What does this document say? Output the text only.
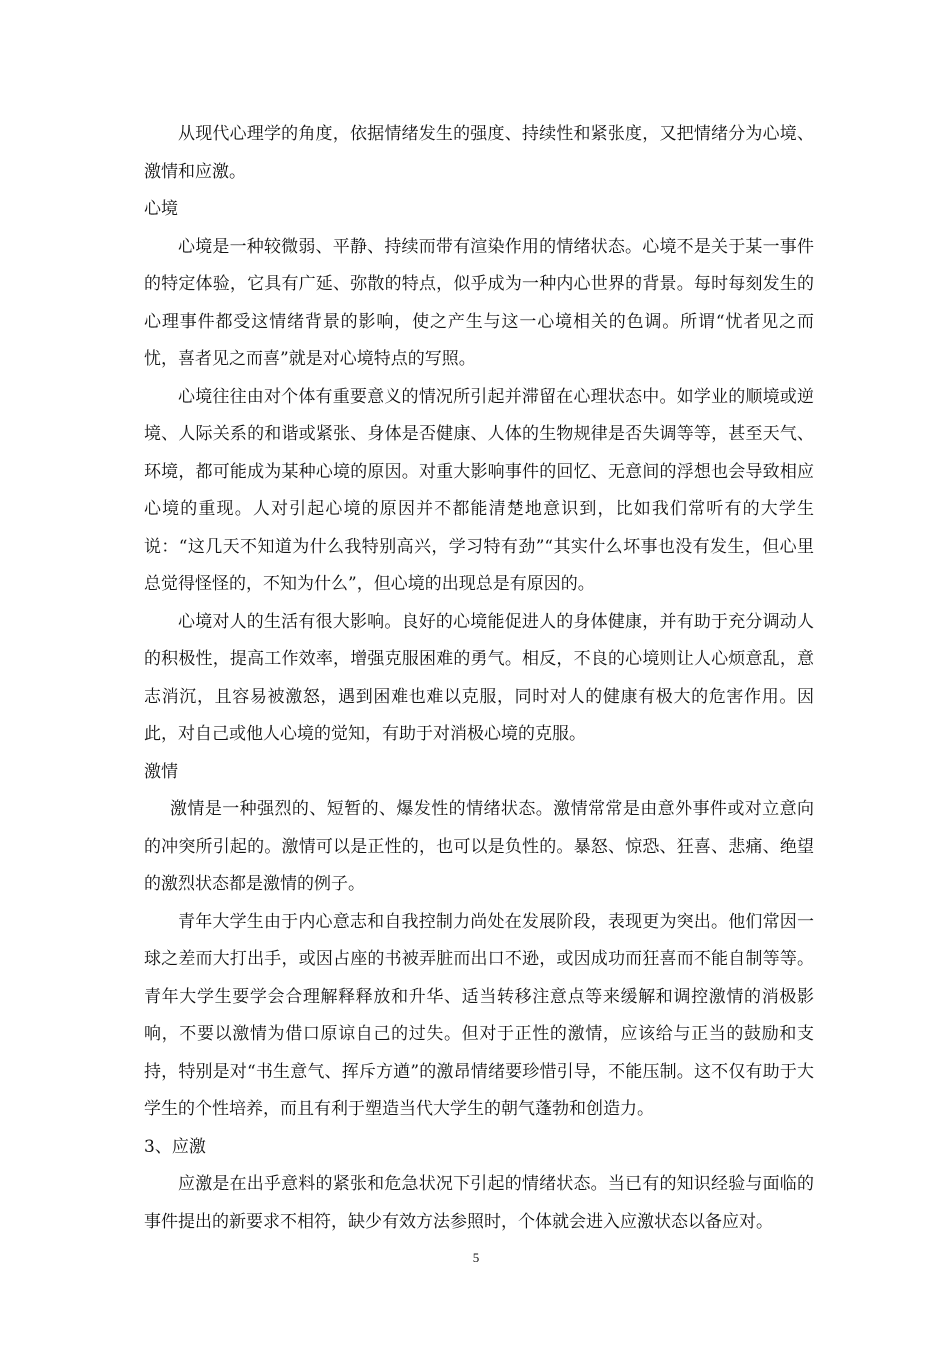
从现代心理学的角度，依据情绪发生的强度、持续性和紧张度，又把情绪分为心境、激情和应激。

心境

心境是一种较微弱、平静、持续而带有渲染作用的情绪状态。心境不是关于某一事件的特定体验，它具有广延、弥散的特点，似乎成为一种内心世界的背景。每时每刻发生的心理事件都受这情绪背景的影响，使之产生与这一心境相关的色调。所谓“忧者见之而忧，喜者见之而喜”就是对心境特点的写照。

心境往往由对个体有重要意义的情况所引起并滞留在心理状态中。如学业的顺境或逆境、人际关系的和谐或紧张、身体是否健康、人体的生物规律是否失调等等，甚至天气、环境，都可能成为某种心境的原因。对重大影响事件的回忆、无意间的浮想也会导致相应心境的重现。人对引起心境的原因并不都能清楚地意识到，比如我们常听有的大学生说：“这几天不知道为什么我特别高兴，学习特有劲”“其实什么坏事也没有发生，但心里总觉得怪怪的，不知为什么”，但心境的出现总是有原因的。

心境对人的生活有很大影响。良好的心境能促进人的身体健康，并有助于充分调动人的积极性，提高工作效率，增强克服困难的勇气。相反，不良的心境则让人心烦意乱，意志消沉，且容易被激怒，遇到困难也难以克服，同时对人的健康有极大的危害作用。因此，对自己或他人心境的觉知，有助于对消极心境的克服。

激情

激情是一种强烈的、短暂的、爆发性的情绪状态。激情常常是由意外事件或对立意向的冲突所引起的。激情可以是正性的，也可以是负性的。暴怒、惊恐、狂喜、悲痛、绝望的激烈状态都是激情的例子。

青年大学生由于内心意志和自我控制力尚处在发展阶段，表现更为突出。他们常因一球之差而大打出手，或因占座的书被弄脏而出口不逊，或因成功而狂喜而不能自制等等。青年大学生要学会合理解释释放和升华、适当转移注意点等来缓解和调控激情的消极影响，不要以激情为借口原谅自己的过失。但对于正性的激情，应该给与正当的鼓励和支持，特别是对“书生意气、挥斥方遒”的激昂情绪要珍惜引导，不能压制。这不仅有助于大学生的个性培养，而且有利于塑造当代大学生的朝气蓬勃和创造力。

3、应激

应激是在出乎意料的紧张和危急状况下引起的情绪状态。当已有的知识经验与面临的事件提出的新要求不相符，缺少有效方法参照时，个体就会进入应激状态以备应对。

5
